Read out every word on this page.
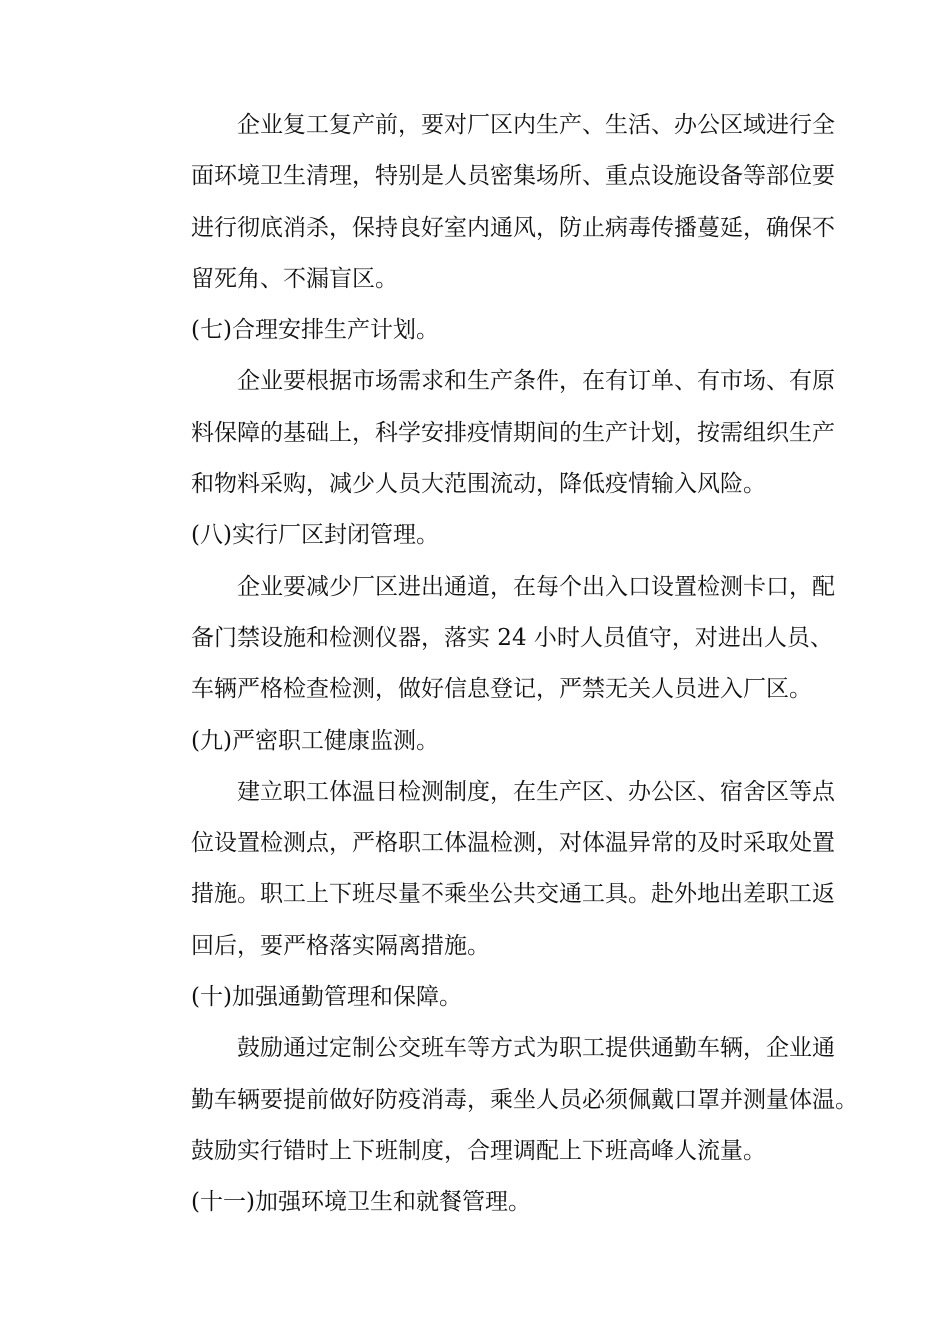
企业复工复产前，要对厂区内生产、生活、办公区域进行全
面环境卫生清理，特别是人员密集场所、重点设施设备等部位要
进行彻底消杀，保持良好室内通风，防止病毒传播蔓延，确保不
留死角、不漏盲区。
(七)合理安排生产计划。
企业要根据市场需求和生产条件，在有订单、有市场、有原
料保障的基础上，科学安排疫情期间的生产计划，按需组织生产
和物料采购，减少人员大范围流动，降低疫情输入风险。
(八)实行厂区封闭管理。
企业要减少厂区进出通道，在每个出入口设置检测卡口，配
备门禁设施和检测仪器，落实 24 小时人员值守，对进出人员、
车辆严格检查检测，做好信息登记，严禁无关人员进入厂区。
(九)严密职工健康监测。
建立职工体温日检测制度，在生产区、办公区、宿舍区等点
位设置检测点，严格职工体温检测，对体温异常的及时采取处置
措施。职工上下班尽量不乘坐公共交通工具。赴外地出差职工返
回后，要严格落实隔离措施。
(十)加强通勤管理和保障。
鼓励通过定制公交班车等方式为职工提供通勤车辆，企业通
勤车辆要提前做好防疫消毒，乘坐人员必须佩戴口罩并测量体温。
鼓励实行错时上下班制度，合理调配上下班高峰人流量。
(十一)加强环境卫生和就餐管理。
